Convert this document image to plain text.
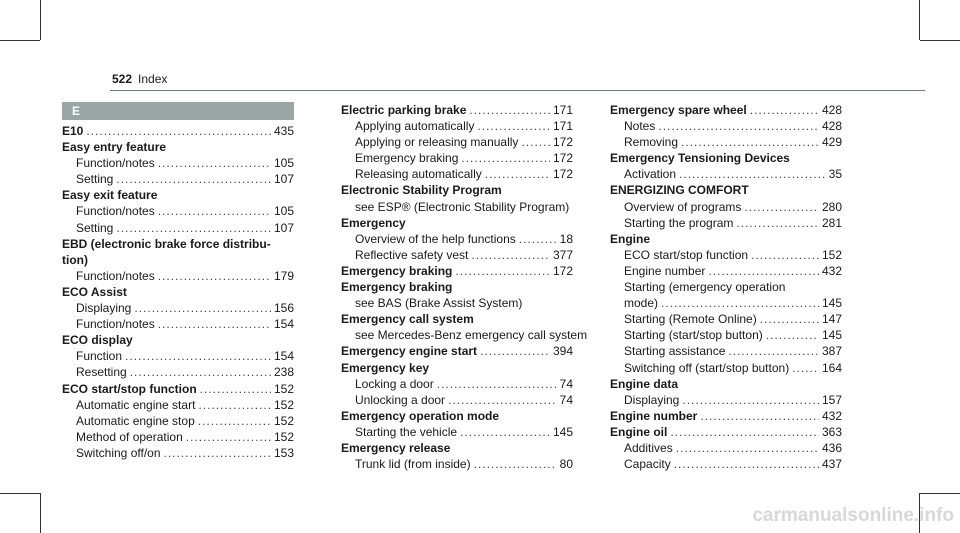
522 Index
E
E10 .....	435
Easy entry feature
Function/notes .....	105
Setting .....	107
Easy exit feature
Function/notes .....	105
Setting .....	107
EBD (electronic brake force distribu-
tion)
Function/notes .....	179
ECO Assist
Displaying .....	156
Function/notes .....	154
ECO display
Function .....	154
Resetting .....	238
ECO start/stop function .....	152
Automatic engine start .....	152
Automatic engine stop .....	152
Method of operation .....	152
Switching off/on .....	153
Electric parking brake .....	171
Applying automatically .....	171
Applying or releasing manually .....	172
Emergency braking .....	172
Releasing automatically .....	172
Electronic Stability Program
see ESP® (Electronic Stability Program)
Emergency
Overview of the help functions .....	18
Reflective safety vest .....	377
Emergency braking .....	172
Emergency braking
see BAS (Brake Assist System)
Emergency call system
see Mercedes-Benz emergency call system
Emergency engine start .....	394
Emergency key
Locking a door .....	74
Unlocking a door .....	74
Emergency operation mode
Starting the vehicle .....	145
Emergency release
Trunk lid (from inside) .....	80
Emergency spare wheel .....	428
Notes .....	428
Removing .....	429
Emergency Tensioning Devices
Activation .....	35
ENERGIZING COMFORT
Overview of programs .....	280
Starting the program .....	281
Engine
ECO start/stop function .....	152
Engine number .....	432
Starting (emergency operation
mode) .....	145
Starting (Remote Online) .....	147
Starting (start/stop button) .....	145
Starting assistance .....	387
Switching off (start/stop button) .....	164
Engine data
Displaying .....	157
Engine number .....	432
Engine oil .....	363
Additives .....	436
Capacity .....	437
carmanualsonline.info
